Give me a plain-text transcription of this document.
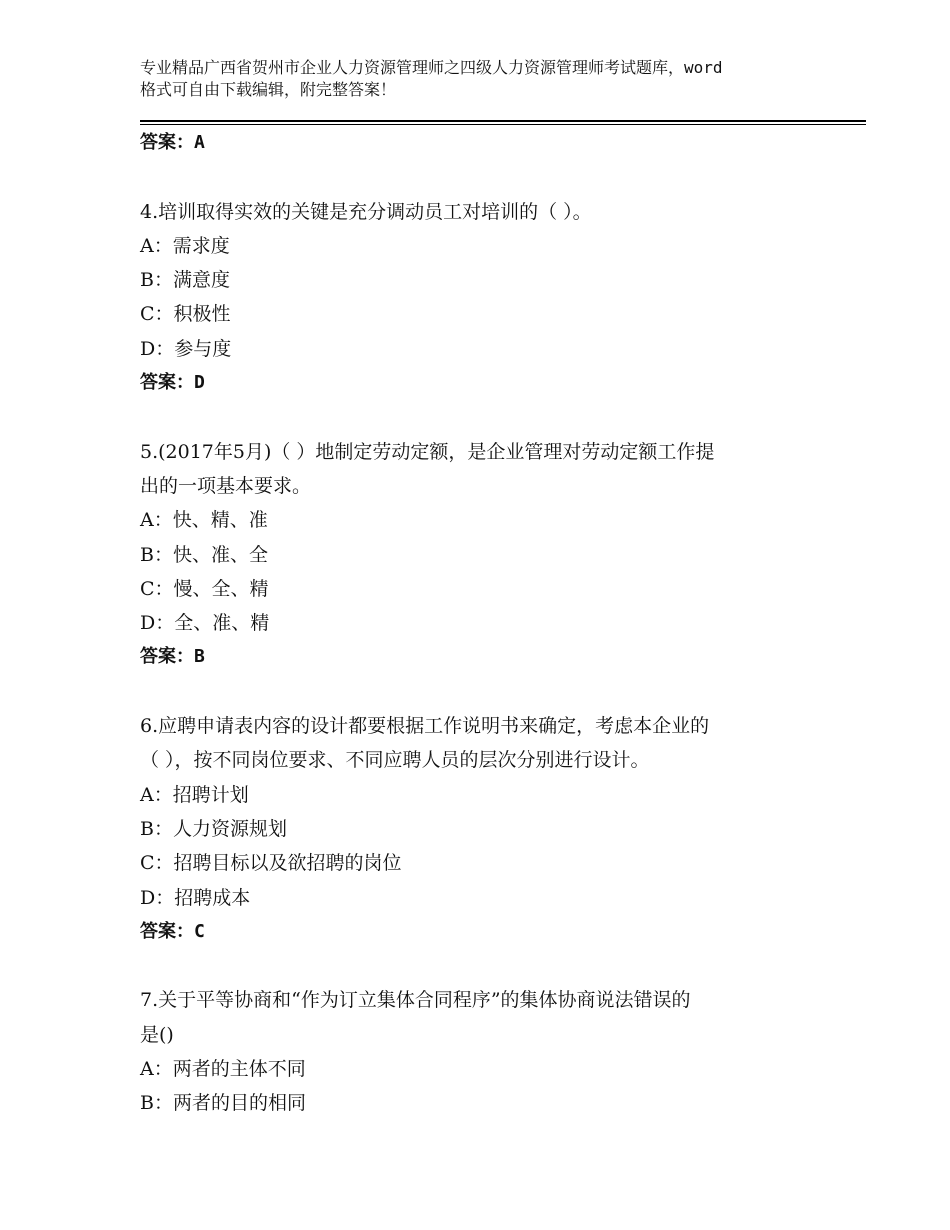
专业精品广西省贺州市企业人力资源管理师之四级人力资源管理师考试题库，word
格式可自由下载编辑，附完整答案！
答案：A
4.培训取得实效的关键是充分调动员工对培训的（ ）。
A：需求度
B：满意度
C：积极性
D：参与度
答案：D
5.(2017年5月)（ ）地制定劳动定额，是企业管理对劳动定额工作提
出的一项基本要求。
A：快、精、准
B：快、准、全
C：慢、全、精
D：全、准、精
答案：B
6.应聘申请表内容的设计都要根据工作说明书来确定，考虑本企业的
（ ），按不同岗位要求、不同应聘人员的层次分别进行设计。
A：招聘计划
B：人力资源规划
C：招聘目标以及欲招聘的岗位
D：招聘成本
答案：C
7.关于平等协商和“作为订立集体合同程序”的集体协商说法错误的
是()
A：两者的主体不同
B：两者的目的相同
